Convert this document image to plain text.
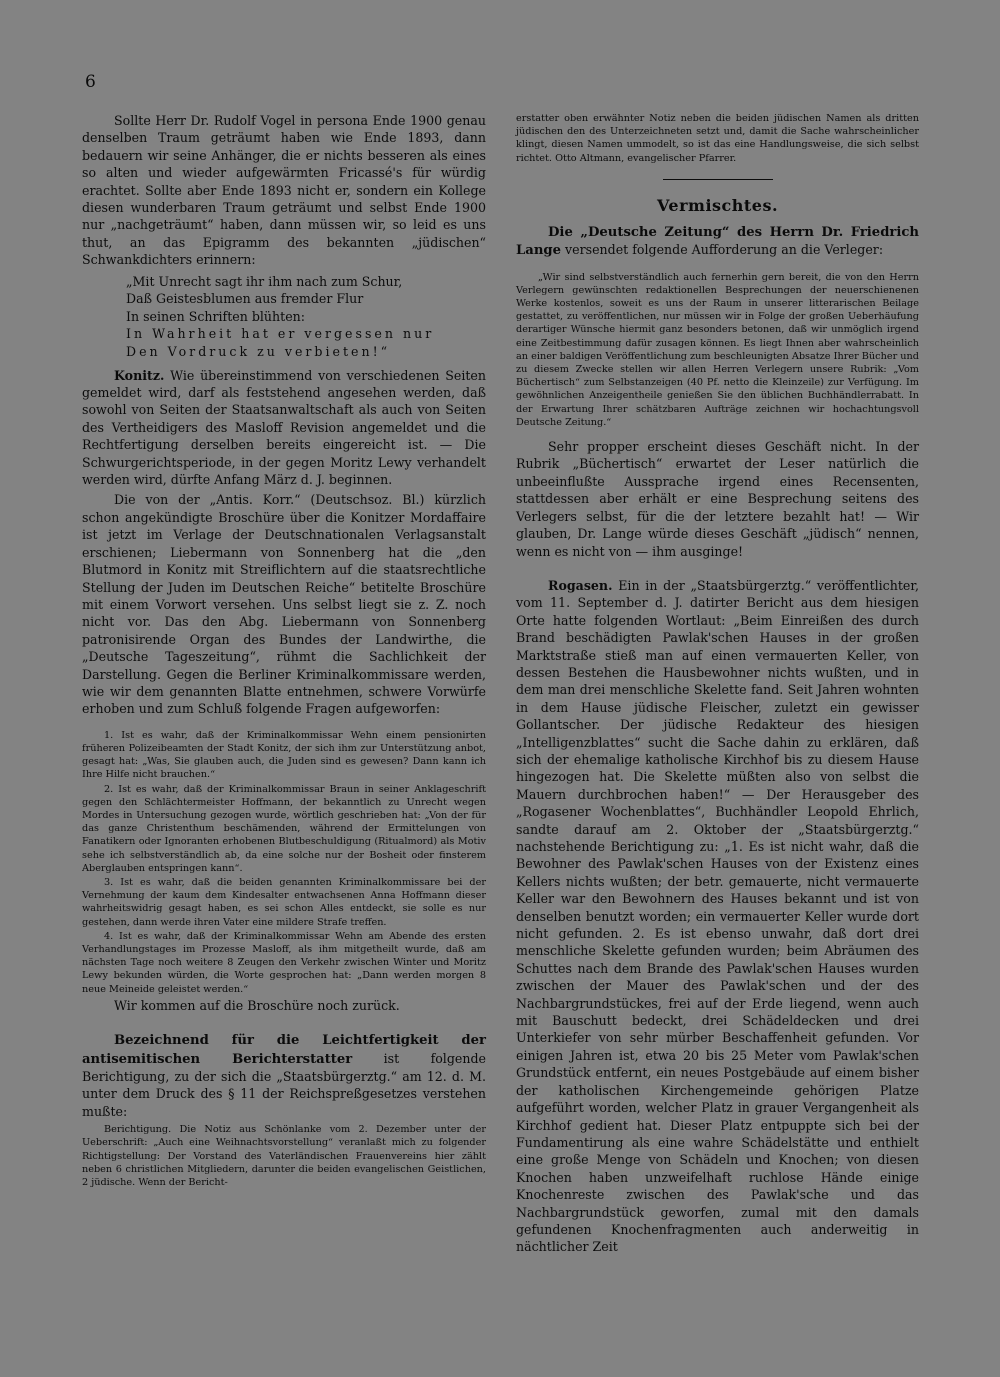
6

Sollte Herr Dr. Rudolf Vogel in persona Ende 1900 genau denselben Traum geträumt haben wie Ende 1893, dann bedauern wir seine Anhänger, die er nichts besseren als eines so alten und wieder aufgewärmten Fricassé's für würdig erachtet. Sollte aber Ende 1893 nicht er, sondern ein Kollege diesen wunderbaren Traum geträumt und selbst Ende 1900 nur „nachgeträumt“ haben, dann müssen wir, so leid es uns thut, an das Epigramm des bekannten „jüdischen“ Schwankdichters erinnern:

„Mit Unrecht sagt ihr ihm nach zum Schur,
Daß Geistesblumen aus fremder Flur
In seinen Schriften blühten:
In Wahrheit hat er vergessen nur
Den Vordruck zu verbieten!“

Konitz. Wie übereinstimmend von verschiedenen Seiten gemeldet wird, darf als feststehend angesehen werden, daß sowohl von Seiten der Staatsanwaltschaft als auch von Seiten des Vertheidigers des Masloff Revision angemeldet und die Rechtfertigung derselben bereits eingereicht ist. — Die Schwurgerichtsperiode, in der gegen Moritz Lewy verhandelt werden wird, dürfte Anfang März d. J. beginnen.

Die von der „Antis. Korr.“ (Deutschsoz. Bl.) kürzlich schon angekündigte Broschüre über die Konitzer Mordaffaire ist jetzt im Verlage der Deutschnationalen Verlagsanstalt erschienen; Liebermann von Sonnenberg hat die „den Blutmord in Konitz mit Streiflichtern auf die staatsrechtliche Stellung der Juden im Deutschen Reiche“ betitelte Broschüre mit einem Vorwort versehen. Uns selbst liegt sie z. Z. noch nicht vor. Das den Abg. Liebermann von Sonnenberg patronisirende Organ des Bundes der Landwirthe, die „Deutsche Tageszeitung“, rühmt die Sachlichkeit der Darstellung. Gegen die Berliner Kriminalkommissare werden, wie wir dem genannten Blatte entnehmen, schwere Vorwürfe erhoben und zum Schluß folgende Fragen aufgeworfen:

1. Ist es wahr, daß der Kriminalkommissar Wehn einem pensionirten früheren Polizeibeamten der Stadt Konitz, der sich ihm zur Unterstützung anbot, gesagt hat: „Was, Sie glauben auch, die Juden sind es gewesen? Dann kann ich Ihre Hilfe nicht brauchen.“

2. Ist es wahr, daß der Kriminalkommissar Braun in seiner Anklageschrift gegen den Schlächtermeister Hoffmann, der bekanntlich zu Unrecht wegen Mordes in Untersuchung gezogen wurde, wörtlich geschrieben hat: „Von der für das ganze Christenthum beschämenden, während der Ermittelungen von Fanatikern oder Ignoranten erhobenen Blutbeschuldigung (Ritualmord) als Motiv sehe ich selbstverständlich ab, da eine solche nur der Bosheit oder finsterem Aberglauben entspringen kann“.

3. Ist es wahr, daß die beiden genannten Kriminalkommissare bei der Vernehmung der kaum dem Kindesalter entwachsenen Anna Hoffmann dieser wahrheitswidrig gesagt haben, es sei schon Alles entdeckt, sie solle es nur gestehen, dann werde ihren Vater eine mildere Strafe treffen.

4. Ist es wahr, daß der Kriminalkommissar Wehn am Abende des ersten Verhandlungstages im Prozesse Masloff, als ihm mitgetheilt wurde, daß am nächsten Tage noch weitere 8 Zeugen den Verkehr zwischen Winter und Moritz Lewy bekunden würden, die Worte gesprochen hat: „Dann werden morgen 8 neue Meineide geleistet werden.“

Wir kommen auf die Broschüre noch zurück.

Bezeichnend für die Leichtfertigkeit der antisemitischen Berichterstatter ist folgende Berichtigung, zu der sich die „Staatsbürgerztg.“ am 12. d. M. unter dem Druck des § 11 der Reichspreßgesetzes verstehen mußte:

Berichtigung. Die Notiz aus Schönlanke vom 2. Dezember unter der Ueberschrift: „Auch eine Weihnachtsvorstellung“ veranlaßt mich zu folgender Richtigstellung: Der Vorstand des Vaterländischen Frauenvereins hier zählt neben 6 christlichen Mitgliedern, darunter die beiden evangelischen Geistlichen, 2 jüdische. Wenn der Bericht-

erstatter oben erwähnter Notiz neben die beiden jüdischen Namen als dritten jüdischen den des Unterzeichneten setzt und, damit die Sache wahrscheinlicher klingt, diesen Namen ummodelt, so ist das eine Handlungsweise, die sich selbst richtet. Otto Altmann, evangelischer Pfarrer.

Vermischtes.

Die „Deutsche Zeitung“ des Herrn Dr. Friedrich Lange versendet folgende Aufforderung an die Verleger:

„Wir sind selbstverständlich auch fernerhin gern bereit, die von den Herrn Verlegern gewünschten redaktionellen Besprechungen der neuerschienenen Werke kostenlos, soweit es uns der Raum in unserer litterarischen Beilage gestattet, zu veröffentlichen, nur müssen wir in Folge der großen Ueberhäufung derartiger Wünsche hiermit ganz besonders betonen, daß wir unmöglich irgend eine Zeitbestimmung dafür zusagen können. Es liegt Ihnen aber wahrscheinlich an einer baldigen Veröffentlichung zum beschleunigten Absatze Ihrer Bücher und zu diesem Zwecke stellen wir allen Herren Verlegern unsere Rubrik: „Vom Büchertisch“ zum Selbstanzeigen (40 Pf. netto die Kleinzeile) zur Verfügung. Im gewöhnlichen Anzeigentheile genießen Sie den üblichen Buchhändlerrabatt. In der Erwartung Ihrer schätzbaren Aufträge zeichnen wir hochachtungsvoll Deutsche Zeitung.“

Sehr propper erscheint dieses Geschäft nicht. In der Rubrik „Büchertisch“ erwartet der Leser natürlich die unbeeinflußte Aussprache irgend eines Recensenten, stattdessen aber erhält er eine Besprechung seitens des Verlegers selbst, für die der letztere bezahlt hat! — Wir glauben, Dr. Lange würde dieses Geschäft „jüdisch“ nennen, wenn es nicht von — ihm ausginge!

Rogasen. Ein in der „Staatsbürgerztg.“ veröffentlichter, vom 11. September d. J. datirter Bericht aus dem hiesigen Orte hatte folgenden Wortlaut: „Beim Einreißen des durch Brand beschädigten Pawlak'schen Hauses in der großen Marktstraße stieß man auf einen vermauerten Keller, von dessen Bestehen die Hausbewohner nichts wußten, und in dem man drei menschliche Skelette fand. Seit Jahren wohnten in dem Hause jüdische Fleischer, zuletzt ein gewisser Gollantscher. Der jüdische Redakteur des hiesigen „Intelligenzblattes“ sucht die Sache dahin zu erklären, daß sich der ehemalige katholische Kirchhof bis zu diesem Hause hingezogen hat. Die Skelette müßten also von selbst die Mauern durchbrochen haben!“ — Der Herausgeber des „Rogasener Wochenblattes“, Buchhändler Leopold Ehrlich, sandte darauf am 2. Oktober der „Staatsbürgerztg.“ nachstehende Berichtigung zu: „1. Es ist nicht wahr, daß die Bewohner des Pawlak'schen Hauses von der Existenz eines Kellers nichts wußten; der betr. gemauerte, nicht vermauerte Keller war den Bewohnern des Hauses bekannt und ist von denselben benutzt worden; ein vermauerter Keller wurde dort nicht gefunden. 2. Es ist ebenso unwahr, daß dort drei menschliche Skelette gefunden wurden; beim Abräumen des Schuttes nach dem Brande des Pawlak'schen Hauses wurden zwischen der Mauer des Pawlak'schen und der des Nachbargrundstückes, frei auf der Erde liegend, wenn auch mit Bauschutt bedeckt, drei Schädeldecken und drei Unterkiefer von sehr mürber Beschaffenheit gefunden. Vor einigen Jahren ist, etwa 20 bis 25 Meter vom Pawlak'schen Grundstück entfernt, ein neues Postgebäude auf einem bisher der katholischen Kirchengemeinde gehörigen Platze aufgeführt worden, welcher Platz in grauer Vergangenheit als Kirchhof gedient hat. Dieser Platz entpuppte sich bei der Fundamentirung als eine wahre Schädelstätte und enthielt eine große Menge von Schädeln und Knochen; von diesen Knochen haben unzweifelhaft ruchlose Hände einige Knochenreste zwischen des Pawlak'sche und das Nachbargrundstück geworfen, zumal mit den damals gefundenen Knochenfragmenten auch anderweitig in nächtlicher Zeit
